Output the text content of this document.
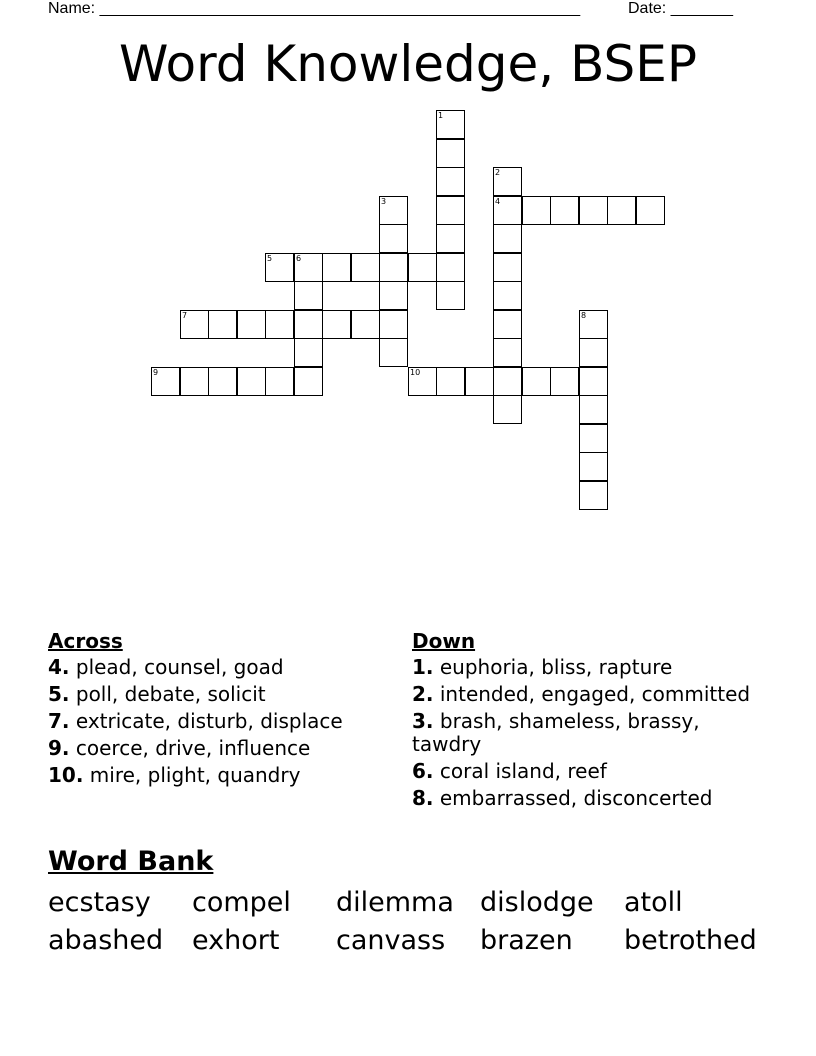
Name: ______________________________________________________	Date: _______
Word Knowledge, BSEP
1
2
4
3
5	6
7	8
9	10
Across
4. plead, counsel, goad
5. poll, debate, solicit
7. extricate, disturb, displace
9. coerce, drive, influence
10. mire, plight, quandry
Down
1. euphoria, bliss, rapture
2. intended, engaged, committed
3. brash, shameless, brassy, tawdry
6. coral island, reef
8. embarrassed, disconcerted
Word Bank
ecstasy compel dilemma dislodge atoll
abashed exhort canvass brazen betrothed
